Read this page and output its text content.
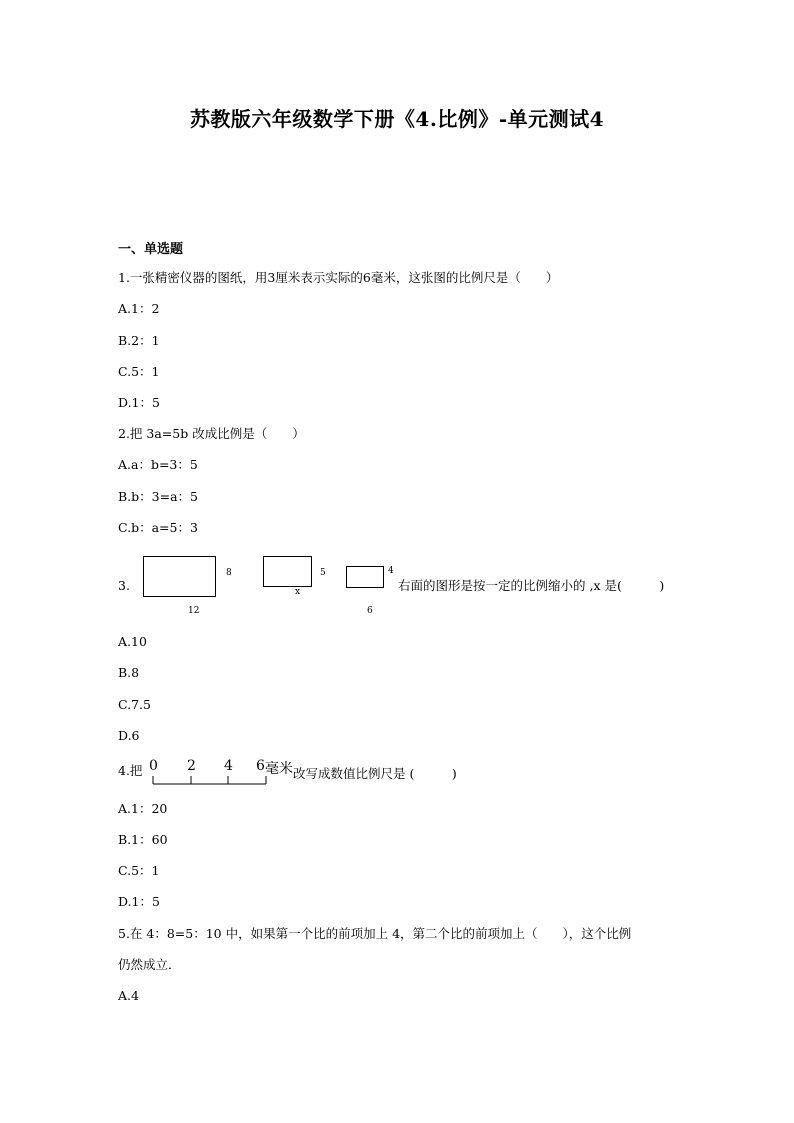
苏教版六年级数学下册《4.比例》-单元测试4
一、单选题
1.一张精密仪器的图纸，用3厘米表示实际的6毫米，这张图的比例尺是（　　）
A.1：2
B.2：1
C.5：1
D.1：5
2.把 3a=5b 改成比例是（　　）
A.a：b=3：5
B.b：3=a：5
C.b：a=5：3
3.
8
12
5
x
4
6
右面的图形是按一定的比例缩小的 ,x 是(　　　)
A.10
B.8
C.7.5
D.6
4.把 0 2 4 6 毫米 改写成数值比例尺是 (　　　)
A.1：20
B.1：60
C.5：1
D.1：5
5.在 4：8=5：10 中，如果第一个比的前项加上 4，第二个比的前项加上（　　），这个比例
仍然成立．
A.4
